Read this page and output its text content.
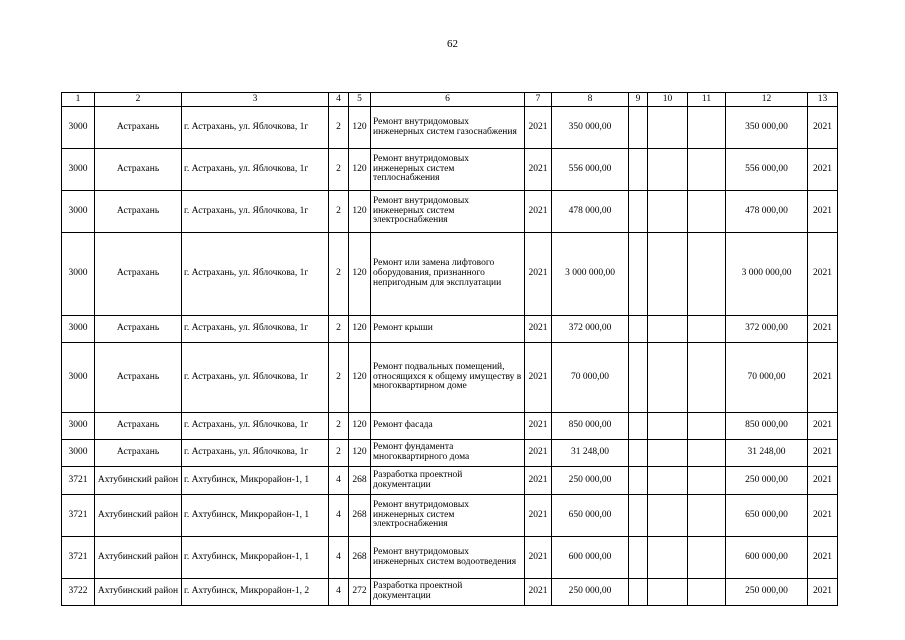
62
1	2	3	4	5	6	7	8	9	10	11	12	13
3000	Астрахань	г. Астрахань, ул. Яблочкова, 1г	2	120	Ремонт внутридомовых инженерных систем газоснабжения	2021	350 000,00				350 000,00	2021
3000	Астрахань	г. Астрахань, ул. Яблочкова, 1г	2	120	Ремонт внутридомовых инженерных систем теплоснабжения	2021	556 000,00				556 000,00	2021
3000	Астрахань	г. Астрахань, ул. Яблочкова, 1г	2	120	Ремонт внутридомовых инженерных систем электроснабжения	2021	478 000,00				478 000,00	2021
3000	Астрахань	г. Астрахань, ул. Яблочкова, 1г	2	120	Ремонт или замена лифтового оборудования, признанного непригодным для эксплуатации	2021	3 000 000,00				3 000 000,00	2021
3000	Астрахань	г. Астрахань, ул. Яблочкова, 1г	2	120	Ремонт крыши	2021	372 000,00				372 000,00	2021
3000	Астрахань	г. Астрахань, ул. Яблочкова, 1г	2	120	Ремонт подвальных помещений, относящихся к общему имуществу в многоквартирном доме	2021	70 000,00				70 000,00	2021
3000	Астрахань	г. Астрахань, ул. Яблочкова, 1г	2	120	Ремонт фасада	2021	850 000,00				850 000,00	2021
3000	Астрахань	г. Астрахань, ул. Яблочкова, 1г	2	120	Ремонт фундамента многоквартирного дома	2021	31 248,00				31 248,00	2021
3721	Ахтубинский район	г. Ахтубинск, Микрорайон-1, 1	4	268	Разработка проектной документации	2021	250 000,00				250 000,00	2021
3721	Ахтубинский район	г. Ахтубинск, Микрорайон-1, 1	4	268	Ремонт внутридомовых инженерных систем электроснабжения	2021	650 000,00				650 000,00	2021
3721	Ахтубинский район	г. Ахтубинск, Микрорайон-1, 1	4	268	Ремонт внутридомовых инженерных систем водоотведения	2021	600 000,00				600 000,00	2021
3722	Ахтубинский район	г. Ахтубинск, Микрорайон-1, 2	4	272	Разработка проектной документации	2021	250 000,00				250 000,00	2021
